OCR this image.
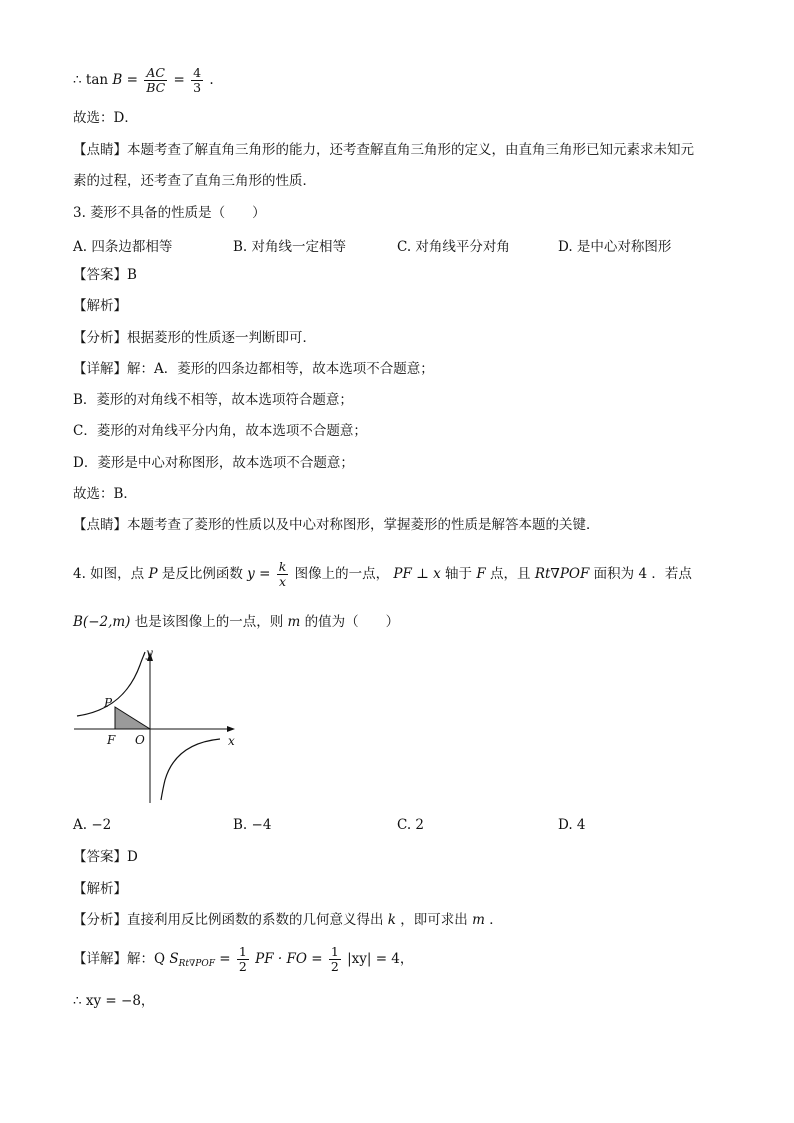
∴ $\tan B = \frac{AC}{BC} = \frac{4}{3}$ .
故选：D．
【点睛】本题考查了解直角三角形的能力，还考查解直角三角形的定义，由直角三角形已知元素求未知元
素的过程，还考查了直角三角形的性质．
3. 菱形不具备的性质是（　　）
A. 四条边都相等	B. 对角线一定相等	C. 对角线平分对角	D. 是中心对称图形
【答案】B
【解析】
【分析】根据菱形的性质逐一判断即可．
【详解】解：A．菱形的四条边都相等，故本选项不合题意；
B．菱形的对角线不相等，故本选项符合题意；
C．菱形的对角线平分内角，故本选项不合题意；
D．菱形是中心对称图形，故本选项不合题意；
故选：B．
【点睛】本题考查了菱形的性质以及中心对称图形，掌握菱形的性质是解答本题的关键．
4. 如图，点 P 是反比例函数 $y = \frac{k}{x}$ 图像上的一点， PF ⊥ x 轴于 F 点，且 Rt∇POF 面积为 4 ．若点
B(−2,m) 也是该图像上的一点，则 m 的值为（　　）
y
x
P
F O
A. −2	B. −4	C. 2	D. 4
【答案】D
【解析】
【分析】直接利用反比例函数的系数的几何意义得出 k ，即可求出 m ．
【详解】解：Q $S_{Rt\nabla POF} = \frac{1}{2}$ PF · FO = $\frac{1}{2} |xy| = 4$，
∴ xy = −8，
